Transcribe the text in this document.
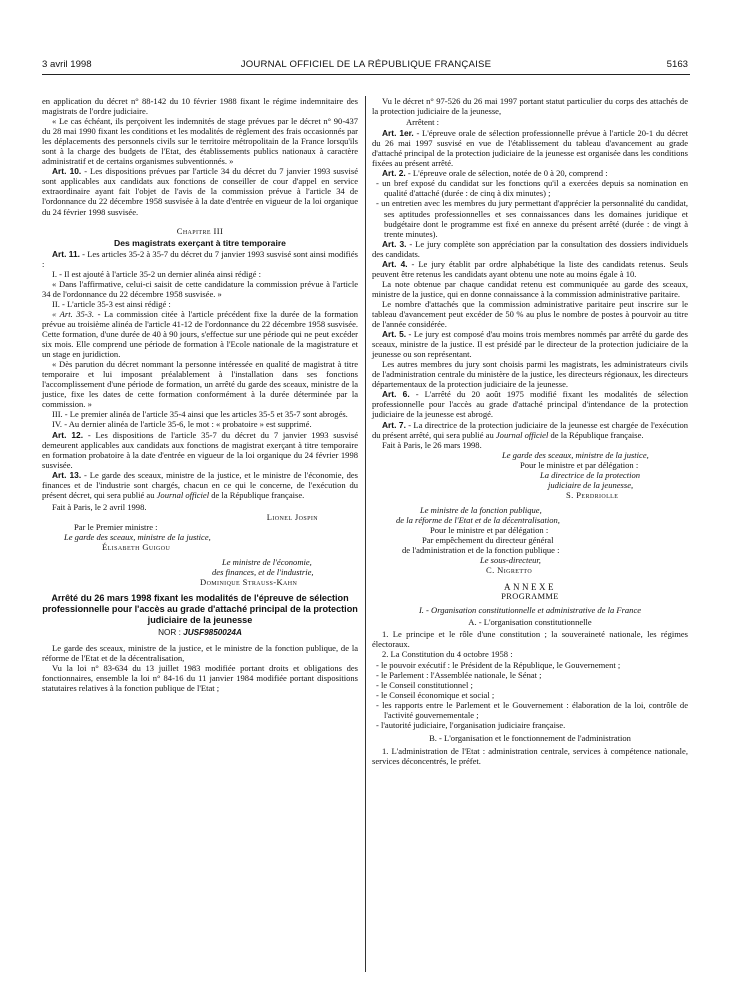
3 avril 1998	JOURNAL OFFICIEL DE LA RÉPUBLIQUE FRANÇAISE	5163

en application du décret n° 88-142 du 10 février 1988 fixant le régime indemnitaire des magistrats de l'ordre judiciaire.

« Le cas échéant, ils perçoivent les indemnités de stage prévues par le décret n° 90-437 du 28 mai 1990 fixant les conditions et les modalités de règlement des frais occasionnés par les déplacements des personnels civils sur le territoire métropolitain de la France lorsqu'ils sont à la charge des budgets de l'Etat, des établissements publics nationaux à caractère administratif et de certains organismes subventionnés. »

Art. 10. - Les dispositions prévues par l'article 34 du décret du 7 janvier 1993 susvisé sont applicables aux candidats aux fonctions de conseiller de cour d'appel en service extraordinaire ayant fait l'objet de l'avis de la commission prévue à l'article 34 de l'ordonnance du 22 décembre 1958 susvisée à la date d'entrée en vigueur de la loi organique du 24 février 1998 susvisée.

Chapitre III
Des magistrats exerçant à titre temporaire

Art. 11. - Les articles 35-2 à 35-7 du décret du 7 janvier 1993 susvisé sont ainsi modifiés :

I. - Il est ajouté à l'article 35-2 un dernier alinéa ainsi rédigé :

« Dans l'affirmative, celui-ci saisit de cette candidature la commission prévue à l'article 34 de l'ordonnance du 22 décembre 1958 susvisée. »

II. - L'article 35-3 est ainsi rédigé :

« Art. 35-3. - La commission citée à l'article précédent fixe la durée de la formation prévue au troisième alinéa de l'article 41-12 de l'ordonnance du 22 décembre 1958 susvisée. Cette formation, d'une durée de 40 à 90 jours, s'effectue sur une période qui ne peut excéder six mois. Elle comprend une période de formation à l'Ecole nationale de la magistrature et un stage en juridiction.

« Dès parution du décret nommant la personne intéressée en qualité de magistrat à titre temporaire et lui imposant préalablement à l'installation dans ses fonctions l'accomplissement d'une période de formation, un arrêté du garde des sceaux, ministre de la justice, fixe les dates de cette formation conformément à la durée déterminée par la commission. »

III. - Le premier alinéa de l'article 35-4 ainsi que les articles 35-5 et 35-7 sont abrogés.

IV. - Au dernier alinéa de l'article 35-6, le mot : « probatoire » est supprimé.

Art. 12. - Les dispositions de l'article 35-7 du décret du 7 janvier 1993 susvisé demeurent applicables aux candidats aux fonctions de magistrat exerçant à titre temporaire en formation probatoire à la date d'entrée en vigueur de la loi organique du 24 février 1998 susvisée.

Art. 13. - Le garde des sceaux, ministre de la justice, et le ministre de l'économie, des finances et de l'industrie sont chargés, chacun en ce qui le concerne, de l'exécution du présent décret, qui sera publié au Journal officiel de la République française.

Fait à Paris, le 2 avril 1998.

Lionel Jospin

Par le Premier ministre :

Le garde des sceaux, ministre de la justice,

Élisabeth Guigou

Le ministre de l'économie,

des finances, et de l'industrie,

Dominique Strauss-Kahn

Arrêté du 26 mars 1998 fixant les modalités de l'épreuve de sélection professionnelle pour l'accès au grade d'attaché principal de la protection judiciaire de la jeunesse
NOR : JUSF9850024A

Le garde des sceaux, ministre de la justice, et le ministre de la fonction publique, de la réforme de l'Etat et de la décentralisation,

Vu la loi n° 83-634 du 13 juillet 1983 modifiée portant droits et obligations des fonctionnaires, ensemble la loi n° 84-16 du 11 janvier 1984 modifiée portant dispositions statutaires relatives à la fonction publique de l'Etat ;

Vu le décret n° 97-526 du 26 mai 1997 portant statut particulier du corps des attachés de la protection judiciaire de la jeunesse,

Arrêtent :

Art. 1er. - L'épreuve orale de sélection professionnelle prévue à l'article 20-1 du décret du 26 mai 1997 susvisé en vue de l'établissement du tableau d'avancement au grade d'attaché principal de la protection judiciaire de la jeunesse est organisée dans les conditions fixées au présent arrêté.

Art. 2. - L'épreuve orale de sélection, notée de 0 à 20, comprend :

- un bref exposé du candidat sur les fonctions qu'il a exercées depuis sa nomination en qualité d'attaché (durée : de cinq à dix minutes) ;

- un entretien avec les membres du jury permettant d'apprécier la personnalité du candidat, ses aptitudes professionnelles et ses connaissances dans les domaines juridique et budgétaire dont le programme est fixé en annexe du présent arrêté (durée : de vingt à trente minutes).

Art. 3. - Le jury complète son appréciation par la consultation des dossiers individuels des candidats.

Art. 4. - Le jury établit par ordre alphabétique la liste des candidats retenus. Seuls peuvent être retenus les candidats ayant obtenu une note au moins égale à 10.

La note obtenue par chaque candidat retenu est communiquée au garde des sceaux, ministre de la justice, qui en donne connaissance à la commission administrative paritaire.

Le nombre d'attachés que la commission administrative paritaire peut inscrire sur le tableau d'avancement peut excéder de 50 % au plus le nombre de postes à pourvoir au titre de l'année considérée.

Art. 5. - Le jury est composé d'au moins trois membres nommés par arrêté du garde des sceaux, ministre de la justice. Il est présidé par le directeur de la protection judiciaire de la jeunesse ou son représentant.

Les autres membres du jury sont choisis parmi les magistrats, les administrateurs civils de l'administration centrale du ministère de la justice, les directeurs régionaux, les directeurs départementaux de la protection judiciaire de la jeunesse.

Art. 6. - L'arrêté du 20 août 1975 modifié fixant les modalités de sélection professionnelle pour l'accès au grade d'attaché principal d'intendance de la protection judiciaire de la jeunesse est abrogé.

Art. 7. - La directrice de la protection judiciaire de la jeunesse est chargée de l'exécution du présent arrêté, qui sera publié au Journal officiel de la République française.

Fait à Paris, le 26 mars 1998.

Le garde des sceaux, ministre de la justice,

Pour le ministre et par délégation :

La directrice de la protection

judiciaire de la jeunesse,

S. Perdriolle

Le ministre de la fonction publique,

de la réforme de l'Etat et de la décentralisation,

Pour le ministre et par délégation :

Par empêchement du directeur général

de l'administration et de la fonction publique :

Le sous-directeur,

C. Nigretto

ANNEXE
PROGRAMME

I. - Organisation constitutionnelle et administrative de la France

A. - L'organisation constitutionnelle

1. Le principe et le rôle d'une constitution ; la souveraineté nationale, les régimes électoraux.

2. La Constitution du 4 octobre 1958 :

- le pouvoir exécutif : le Président de la République, le Gouvernement ;

- le Parlement : l'Assemblée nationale, le Sénat ;

- le Conseil constitutionnel ;

- le Conseil économique et social ;

- les rapports entre le Parlement et le Gouvernement : élaboration de la loi, contrôle de l'activité gouvernementale ;

- l'autorité judiciaire, l'organisation judiciaire française.

B. - L'organisation et le fonctionnement de l'administration

1. L'administration de l'Etat : administration centrale, services à compétence nationale, services déconcentrés, le préfet.
